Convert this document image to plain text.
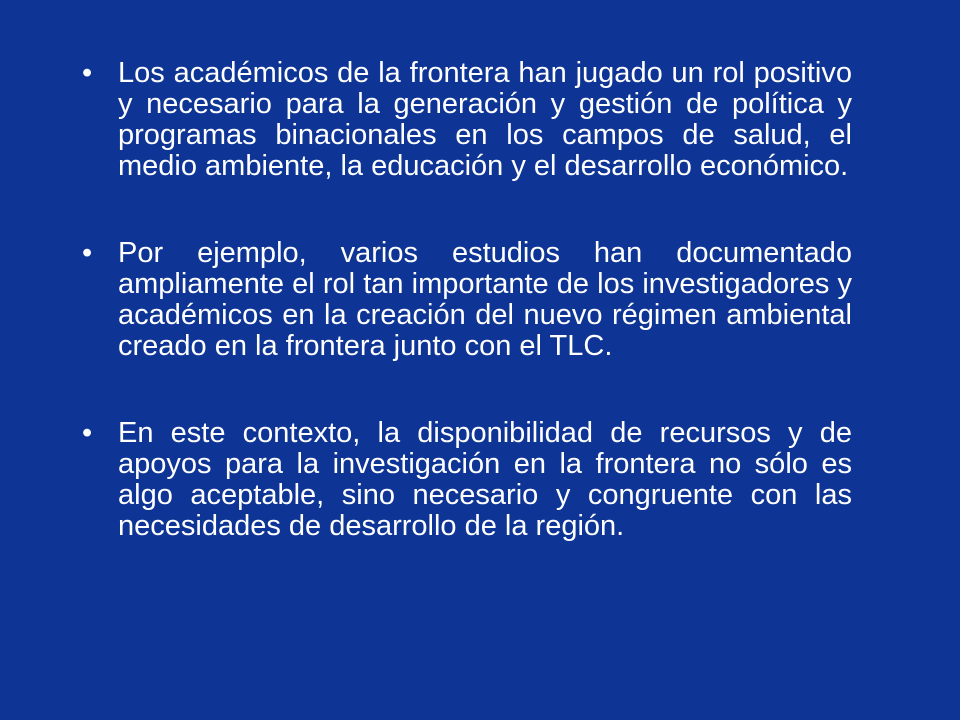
• Los académicos de la frontera han jugado un rol positivo y necesario para la generación y gestión de política y programas binacionales en los campos de salud, el medio ambiente, la educación y el desarrollo económico.
• Por ejemplo, varios estudios han documentado ampliamente el rol tan importante de los investigadores y académicos en la creación del nuevo régimen ambiental creado en la frontera junto con el TLC.
• En este contexto, la disponibilidad de recursos y de apoyos para la investigación en la frontera no sólo es algo aceptable, sino necesario y congruente con las necesidades de desarrollo de la región.
